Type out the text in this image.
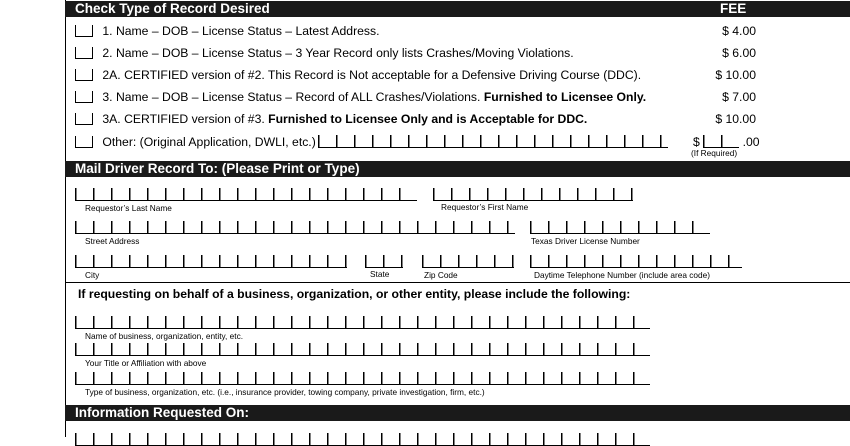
Check Type of Record Desired	FEE
1. Name – DOB – License Status – Latest Address.	$ 4.00
2. Name – DOB – License Status – 3 Year Record only lists Crashes/Moving Violations.	$ 6.00
2A. CERTIFIED version of #2. This Record is Not acceptable for a Defensive Driving Course (DDC).	$ 10.00
3. Name – DOB – License Status – Record of ALL Crashes/Violations. Furnished to Licensee Only.	$ 7.00
3A. CERTIFIED version of #3. Furnished to Licensee Only and is Acceptable for DDC.	$ 10.00
Other: (Original Application, DWLI, etc.)	$	.00
(If Required)
Mail Driver Record To: (Please Print or Type)
Requestor’s Last Name	Requestor’s First Name
Street Address	Texas Driver License Number
City	State	Zip Code	Daytime Telephone Number (include area code)
If requesting on behalf of a business, organization, or other entity, please include the following:
Name of business, organization, entity, etc.
Your Title or Affiliation with above
Type of business, organization, etc. (i.e., insurance provider, towing company, private investigation, firm, etc.)
Information Requested On:
